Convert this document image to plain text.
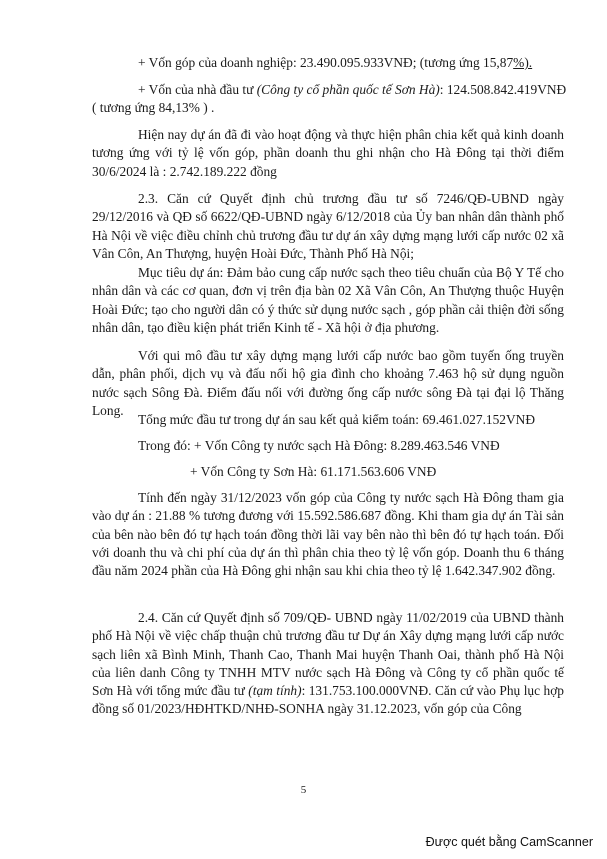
+ Vốn góp của doanh nghiệp: 23.490.095.933VNĐ; (tương ứng 15,87%).

+ Vốn của nhà đầu tư (Công ty cổ phần quốc tế Sơn Hà): 124.508.842.419VNĐ

( tương ứng 84,13% ) .

Hiện nay dự án đã đi vào hoạt động và thực hiện phân chia kết quả kinh doanh tương ứng với tỷ lệ vốn góp, phần doanh thu ghi nhận cho Hà Đông tại thời điểm 30/6/2024 là : 2.742.189.222 đồng

2.3. Căn cứ Quyết định chủ trương đầu tư số 7246/QĐ-UBND ngày 29/12/2016 và QĐ số 6622/QĐ-UBND ngày 6/12/2018 của Ủy ban nhân dân thành phố Hà Nội về việc điều chỉnh chủ trương đầu tư dự án xây dựng mạng lưới cấp nước 02 xã Vân Côn, An Thượng, huyện Hoài Đức, Thành Phố Hà Nội;

Mục tiêu dự án: Đảm bảo cung cấp nước sạch theo tiêu chuẩn của Bộ Y Tế cho nhân dân và các cơ quan, đơn vị trên địa bàn 02 Xã Vân Côn, An Thượng thuộc Huyện Hoài Đức; tạo cho người dân có ý thức sử dụng nước sạch , góp phần cải thiện đời sống nhân dân, tạo điều kiện phát triển Kinh tế - Xã hội ở địa phương.

Với qui mô đầu tư xây dựng mạng lưới cấp nước bao gồm tuyến ống truyền dẫn, phân phối, dịch vụ và đấu nối hộ gia đình cho khoảng 7.463 hộ sử dụng nguồn nước sạch Sông Đà. Điểm đấu nối với đường ống cấp nước sông Đà tại đại lộ Thăng Long.

Tổng mức đầu tư trong dự án sau kết quả kiểm toán: 69.461.027.152VNĐ

Trong đó: + Vốn Công ty nước sạch Hà Đông: 8.289.463.546 VNĐ

+ Vốn Công ty Sơn Hà: 61.171.563.606 VNĐ

Tính đến ngày 31/12/2023 vốn góp của Công ty nước sạch Hà Đông tham gia vào dự án : 21.88 % tương đương với 15.592.586.687 đồng. Khi tham gia dự án Tài sản của bên nào bên đó tự hạch toán đồng thời lãi vay bên nào thì bên đó tự hạch toán. Đối với doanh thu và chi phí của dự án thì phân chia theo tỷ lệ vốn góp. Doanh thu 6 tháng đầu năm 2024 phần của Hà Đông ghi nhận sau khi chia theo tỷ lệ 1.642.347.902 đồng.

2.4. Căn cứ Quyết định số 709/QĐ- UBND ngày 11/02/2019 của UBND thành phố Hà Nội về việc chấp thuận chủ trương đầu tư Dự án Xây dựng mạng lưới cấp nước sạch liên xã Bình Minh, Thanh Cao, Thanh Mai huyện Thanh Oai, thành phố Hà Nội của liên danh Công ty TNHH MTV nước sạch Hà Đông và Công ty cổ phần quốc tế Sơn Hà với tổng mức đầu tư (tạm tính): 131.753.100.000VNĐ. Căn cứ vào Phụ lục hợp đồng số 01/2023/HĐHTKD/NHĐ-SONHA ngày 31.12.2023, vốn góp của Công

5
Được quét bằng CamScanner
